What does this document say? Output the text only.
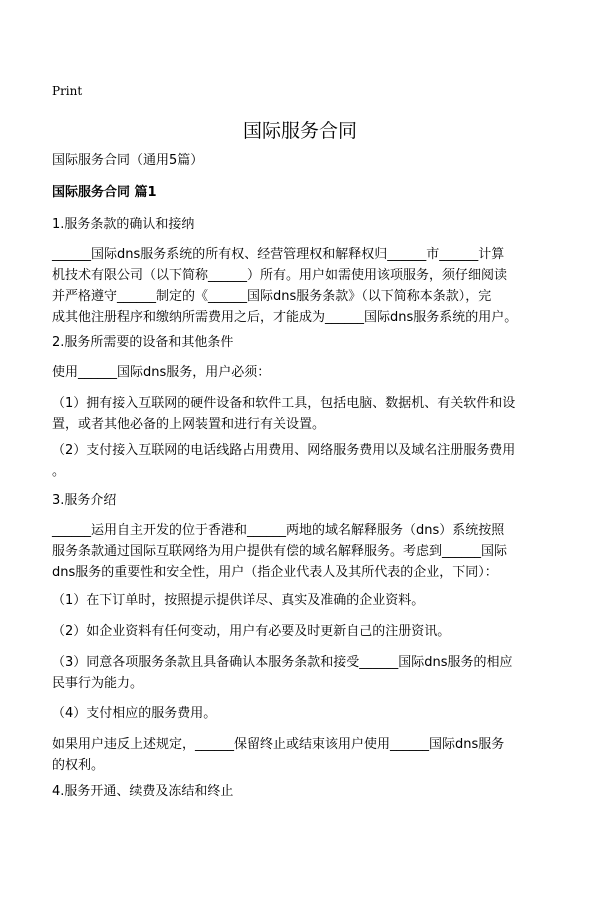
Print
国际服务合同
国际服务合同（通用5篇）
国际服务合同 篇1
1.服务条款的确认和接纳
______国际dns服务系统的所有权、经营管理权和解释权归______市______计算
机技术有限公司（以下简称______）所有。用户如需使用该项服务，须仔细阅读
并严格遵守______制定的《______国际dns服务条款》（以下简称本条款），完
成其他注册程序和缴纳所需费用之后，才能成为______国际dns服务系统的用户。
2.服务所需要的设备和其他条件
使用______国际dns服务，用户必须：
（1）拥有接入互联网的硬件设备和软件工具，包括电脑、数据机、有关软件和设
置，或者其他必备的上网装置和进行有关设置。
（2）支付接入互联网的电话线路占用费用、网络服务费用以及域名注册服务费用
。
3.服务介绍
______运用自主开发的位于香港和______两地的域名解释服务（dns）系统按照
服务条款通过国际互联网络为用户提供有偿的域名解释服务。考虑到______国际
dns服务的重要性和安全性，用户（指企业代表人及其所代表的企业，下同）：
（1）在下订单时，按照提示提供详尽、真实及准确的企业资料。
（2）如企业资料有任何变动，用户有必要及时更新自己的注册资讯。
（3）同意各项服务条款且具备确认本服务条款和接受______国际dns服务的相应
民事行为能力。
（4）支付相应的服务费用。
如果用户违反上述规定，______保留终止或结束该用户使用______国际dns服务
的权利。
4.服务开通、续费及冻结和终止
